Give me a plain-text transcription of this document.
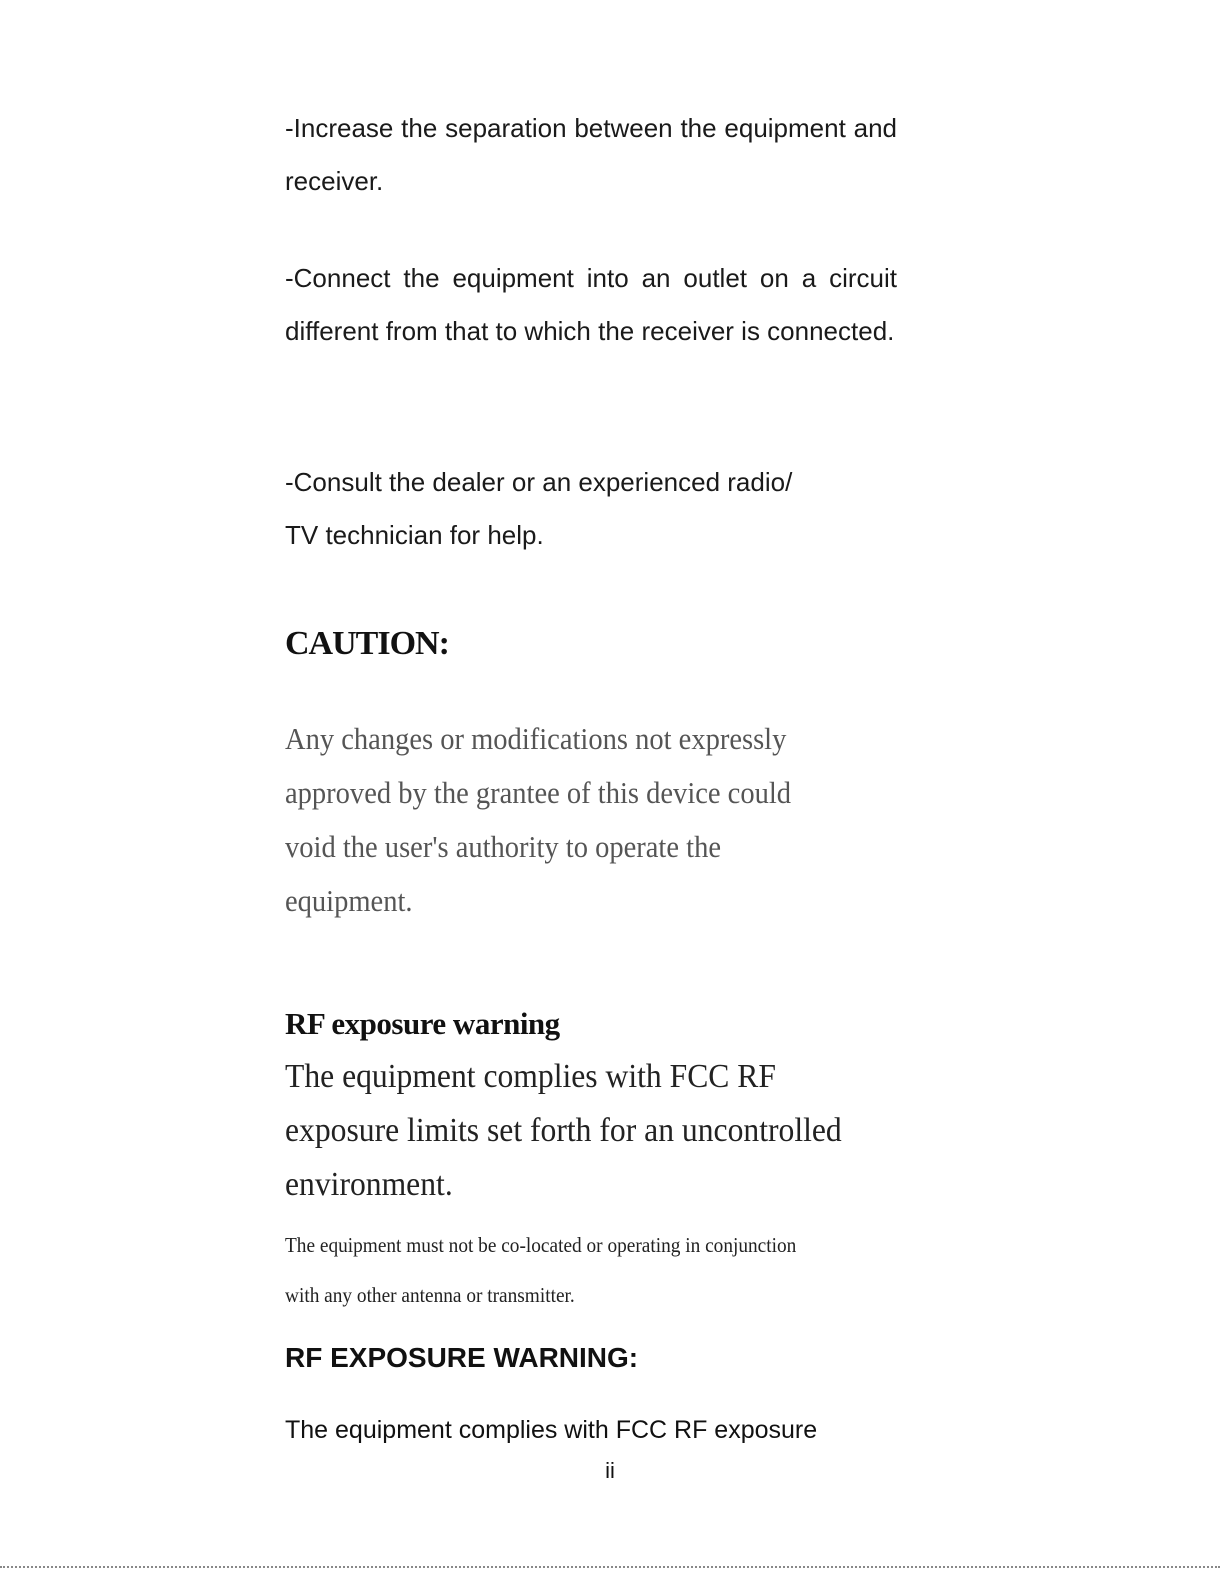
-Increase the separation between the equipment and receiver.

-Connect the equipment into an outlet on a circuit different from that to which the receiver is connected.

-Consult the dealer or an experienced radio/

TV technician for help.

CAUTION:

Any changes or modifications not expressly

approved by the grantee of this device could

void the user's authority to operate the

equipment.

RF exposure warning

The equipment complies with FCC RF

exposure limits set forth for an uncontrolled

environment.

The equipment must not be co-located or operating in conjunction

with any other antenna or transmitter.

RF EXPOSURE WARNING:

The equipment complies with FCC RF exposure

ii
